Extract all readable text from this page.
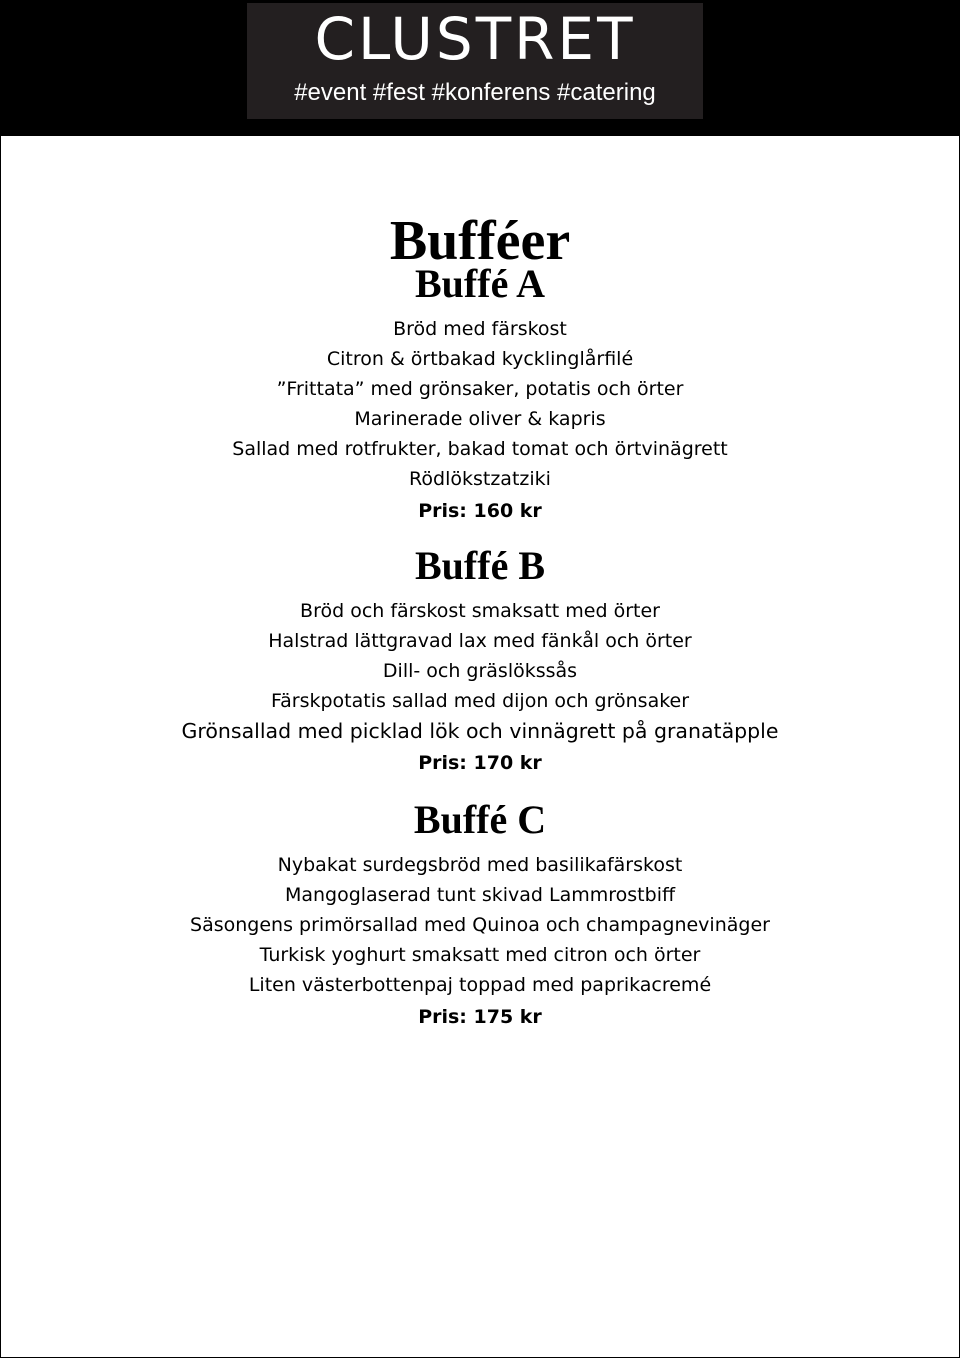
CLUSTRET
#event #fest #konferens #catering
Bufféer
Buffé A
Bröd med färskost
Citron & örtbakad kycklinglårfilé
”Frittata” med grönsaker, potatis och örter
Marinerade oliver & kapris
Sallad med rotfrukter, bakad tomat och örtvinägrett
Rödlökstzatziki
Pris: 160 kr
Buffé B
Bröd och färskost smaksatt med örter
Halstrad lättgravad lax med fänkål och örter
Dill- och gräslökssås
Färskpotatis sallad med dijon och grönsaker
Grönsallad med picklad lök och vinnägrett på granatäpple
Pris: 170 kr
Buffé C
Nybakat surdegsbröd med basilikafärskost
Mangoglaserad tunt skivad Lammrostbiff
Säsongens primörsallad med Quinoa och champagnevinäger
Turkisk yoghurt smaksatt med citron och örter
Liten västerbottenpaj toppad med paprikacremé
Pris: 175 kr
